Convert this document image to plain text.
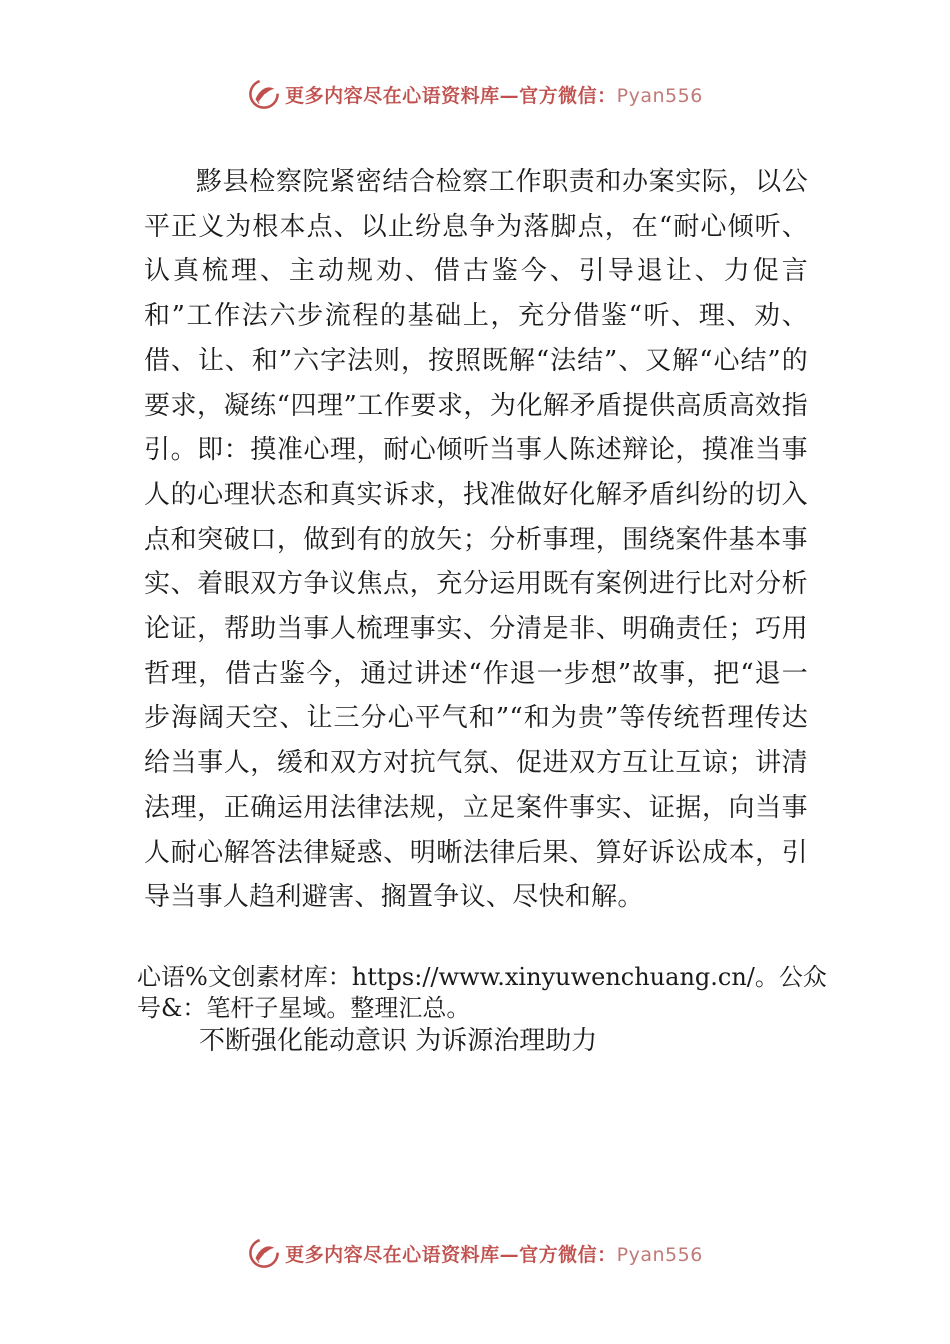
更多内容尽在心语资料库—官方微信：Pyan556

黟县检察院紧密结合检察工作职责和办案实际，以公平正义为根本点、以止纷息争为落脚点，在“耐心倾听、认真梳理、主动规劝、借古鉴今、引导退让、力促言和”工作法六步流程的基础上，充分借鉴“听、理、劝、借、让、和”六字法则，按照既解“法结”、又解“心结”的要求，凝练“四理”工作要求，为化解矛盾提供高质高效指引。即：摸准心理，耐心倾听当事人陈述辩论，摸准当事人的心理状态和真实诉求，找准做好化解矛盾纠纷的切入点和突破口，做到有的放矢；分析事理，围绕案件基本事实、着眼双方争议焦点，充分运用既有案例进行比对分析论证，帮助当事人梳理事实、分清是非、明确责任；巧用哲理，借古鉴今，通过讲述“作退一步想”故事，把“退一步海阔天空、让三分心平气和”“和为贵”等传统哲理传达给当事人，缓和双方对抗气氛、促进双方互让互谅；讲清法理，正确运用法律法规，立足案件事实、证据，向当事人耐心解答法律疑惑、明晰法律后果、算好诉讼成本，引导当事人趋利避害、搁置争议、尽快和解。

心语%文创素材库：https://www.xinyuwenchuang.cn/。公众号&：笔杆子星域。整理汇总。

不断强化能动意识 为诉源治理助力

更多内容尽在心语资料库—官方微信：Pyan556
